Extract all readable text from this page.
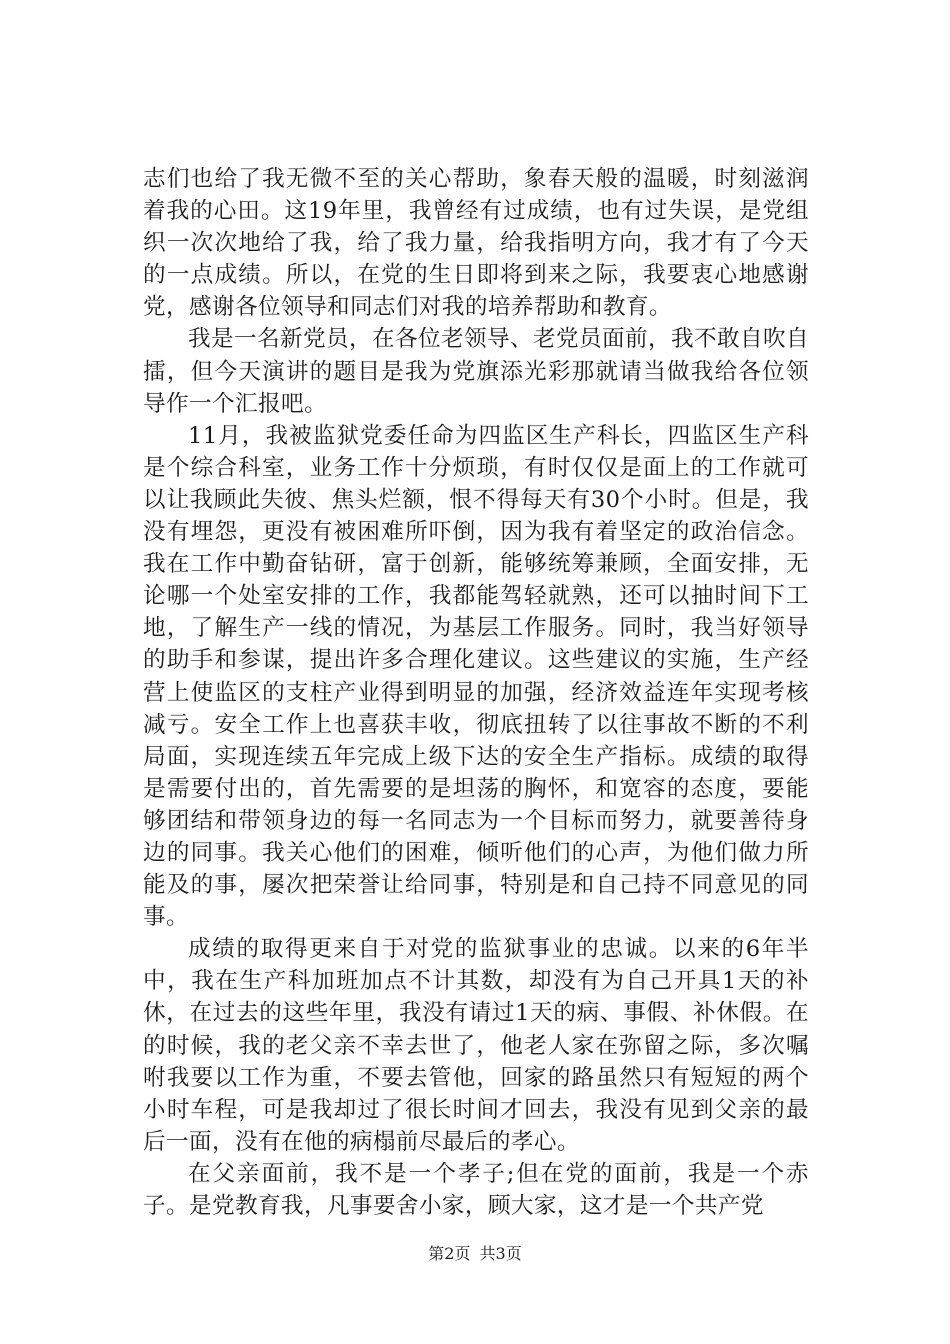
志们也给了我无微不至的关心帮助，象春天般的温暖，时刻滋润着我的心田。这19年里，我曾经有过成绩，也有过失误，是党组织一次次地给了我，给了我力量，给我指明方向，我才有了今天的一点成绩。所以，在党的生日即将到来之际，我要衷心地感谢党，感谢各位领导和同志们对我的培养帮助和教育。

我是一名新党员，在各位老领导、老党员面前，我不敢自吹自擂，但今天演讲的题目是我为党旗添光彩那就请当做我给各位领导作一个汇报吧。

11月，我被监狱党委任命为四监区生产科长，四监区生产科是个综合科室，业务工作十分烦琐，有时仅仅是面上的工作就可以让我顾此失彼、焦头烂额，恨不得每天有30个小时。但是，我没有埋怨，更没有被困难所吓倒，因为我有着坚定的政治信念。我在工作中勤奋钻研，富于创新，能够统筹兼顾，全面安排，无论哪一个处室安排的工作，我都能驾轻就熟，还可以抽时间下工地，了解生产一线的情况，为基层工作服务。同时，我当好领导的助手和参谋，提出许多合理化建议。这些建议的实施，生产经营上使监区的支柱产业得到明显的加强，经济效益连年实现考核减亏。安全工作上也喜获丰收，彻底扭转了以往事故不断的不利局面，实现连续五年完成上级下达的安全生产指标。成绩的取得是需要付出的，首先需要的是坦荡的胸怀，和宽容的态度，要能够团结和带领身边的每一名同志为一个目标而努力，就要善待身边的同事。我关心他们的困难，倾听他们的心声，为他们做力所能及的事，屡次把荣誉让给同事，特别是和自己持不同意见的同事。

成绩的取得更来自于对党的监狱事业的忠诚。以来的6年半中，我在生产科加班加点不计其数，却没有为自己开具1天的补休，在过去的这些年里，我没有请过1天的病、事假、补休假。在的时候，我的老父亲不幸去世了，他老人家在弥留之际，多次嘱咐我要以工作为重，不要去管他，回家的路虽然只有短短的两个小时车程，可是我却过了很长时间才回去，我没有见到父亲的最后一面，没有在他的病榻前尽最后的孝心。

在父亲面前，我不是一个孝子;但在党的面前，我是一个赤子。是党教育我，凡事要舍小家，顾大家，这才是一个共产党

第2页 共3页
